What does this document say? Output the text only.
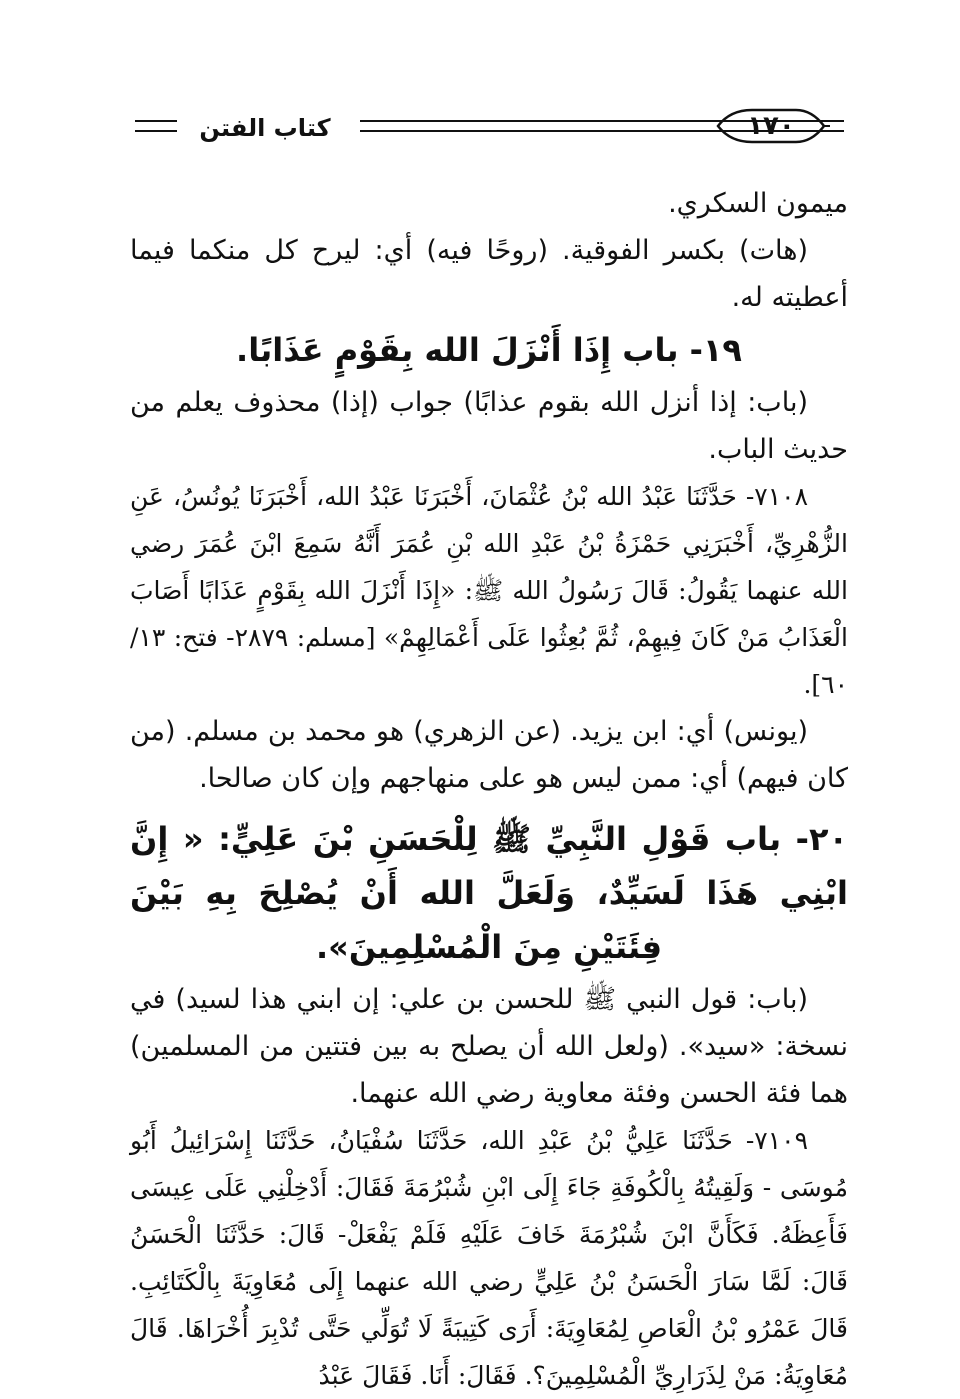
١٧٠
كتاب الفتن

ميمون السكري.

(هات) بكسر الفوقية. (روحًا فيه) أي: ليرح كل منكما فيما أعطيته له.

١٩- باب إِذَا أَنْزَلَ الله بِقَوْمٍ عَذَابًا.

(باب: إذا أنزل الله بقوم عذابًا) جواب (إذا) محذوف يعلم من حديث الباب.

٧١٠٨- حَدَّثَنَا عَبْدُ الله بْنُ عُثْمَانَ، أَخْبَرَنَا عَبْدُ الله، أَخْبَرَنَا يُونُسُ، عَنِ الزُّهْرِيِّ، أَخْبَرَنِي حَمْزَةُ بْنُ عَبْدِ الله بْنِ عُمَرَ أَنَّهُ سَمِعَ ابْنَ عُمَرَ رضي الله عنهما يَقُولُ: قَالَ رَسُولُ الله ﷺ: «إِذَا أَنْزَلَ الله بِقَوْمٍ عَذَابًا أَصَابَ الْعَذَابُ مَنْ كَانَ فِيهِمْ، ثُمَّ بُعِثُوا عَلَى أَعْمَالِهِمْ» [مسلم: ٢٨٧٩- فتح: ١٣/ ٦٠].

(يونس) أي: ابن يزيد. (عن الزهري) هو محمد بن مسلم. (من كان فيهم) أي: ممن ليس هو على منهاجهم وإن كان صالحا.

٢٠- باب قَوْلِ النَّبِيِّ ﷺ لِلْحَسَنِ بْنَ عَلِيٍّ: « إِنَّ ابْنِي هَذَا لَسَيِّدٌ، وَلَعَلَّ الله أَنْ يُصْلِحَ بِهِ بَيْنَ فِئَتَيْنِ مِنَ الْمُسْلِمِينَ».

(باب: قول النبي ﷺ للحسن بن علي: إن ابني هذا لسيد) في نسخة: «سيد». (ولعل الله أن يصلح به بين فتتين من المسلمين) هما فئة الحسن وفئة معاوية رضي الله عنهما.

٧١٠٩- حَدَّثَنَا عَلِيُّ بْنُ عَبْدِ الله، حَدَّثَنَا سُفْيَانُ، حَدَّثَنَا إِسْرَائِيلُ أَبُو مُوسَى - وَلَقِيتُهُ بِالْكُوفَةِ جَاءَ إِلَى ابْنِ شُبْرُمَةَ فَقَالَ: أَدْخِلْنِي عَلَى عِيسَى فَأَعِظَهُ. فَكَأَنَّ ابْنَ شُبْرُمَةَ خَافَ عَلَيْهِ فَلَمْ يَفْعَلْ- قَالَ: حَدَّثَنَا الْحَسَنُ قَالَ: لَمَّا سَارَ الْحَسَنُ بْنُ عَلِيٍّ رضي الله عنهما إِلَى مُعَاوِيَةَ بِالْكَتَائِبِ. قَالَ عَمْرُو بْنُ الْعَاصِ لِمُعَاوِيَةَ: أَرَى كَتِيبَةً لَا تُوَلِّي حَتَّى تُدْبِرَ أُخْرَاهَا. قَالَ مُعَاوِيَةُ: مَنْ لِذَرَارِيِّ الْمُسْلِمِينَ؟. فَقَالَ: أَنَا. فَقَالَ عَبْدُ
